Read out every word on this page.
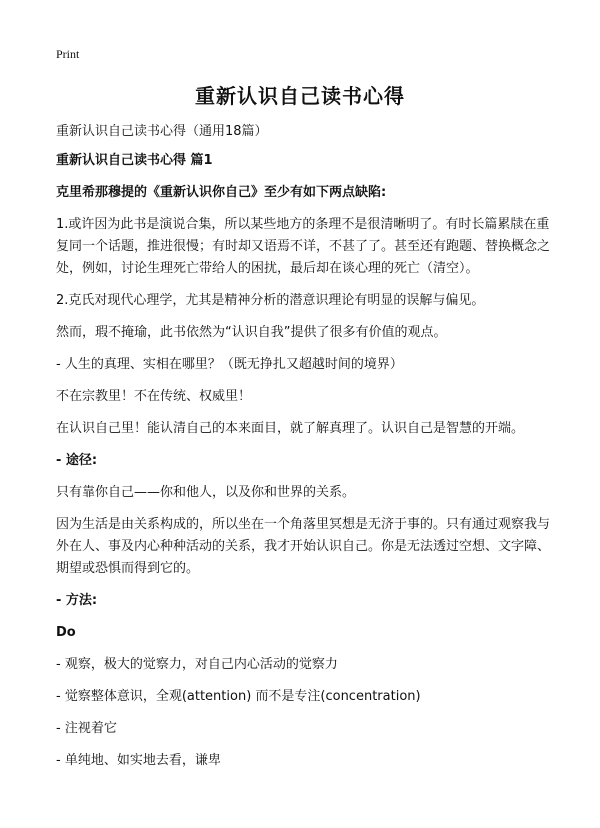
Print
重新认识自己读书心得
重新认识自己读书心得（通用18篇）

重新认识自己读书心得 篇1

克里希那穆提的《重新认识你自己》至少有如下两点缺陷:

1.或许因为此书是演说合集，所以某些地方的条理不是很清晰明了。有时长篇累牍在重复同一个话题，推进很慢；有时却又语焉不详，不甚了了。甚至还有跑题、替换概念之处，例如，讨论生理死亡带给人的困扰，最后却在谈心理的死亡（清空）。

2.克氏对现代心理学，尤其是精神分析的潜意识理论有明显的误解与偏见。

然而，瑕不掩瑜，此书依然为“认识自我”提供了很多有价值的观点。

- 人生的真理、实相在哪里？（既无挣扎又超越时间的境界）

不在宗教里！不在传统、权威里！

在认识自己里！能认清自己的本来面目，就了解真理了。认识自己是智慧的开端。

- 途径:

只有靠你自己——你和他人，以及你和世界的关系。

因为生活是由关系构成的，所以坐在一个角落里冥想是无济于事的。只有通过观察我与外在人、事及内心种种活动的关系，我才开始认识自己。你是无法透过空想、文字障、期望或恐惧而得到它的。

- 方法:

Do

- 观察，极大的觉察力，对自己内心活动的觉察力

- 觉察整体意识，全观(attention) 而不是专注(concentration)

- 注视着它

- 单纯地、如实地去看，谦卑
